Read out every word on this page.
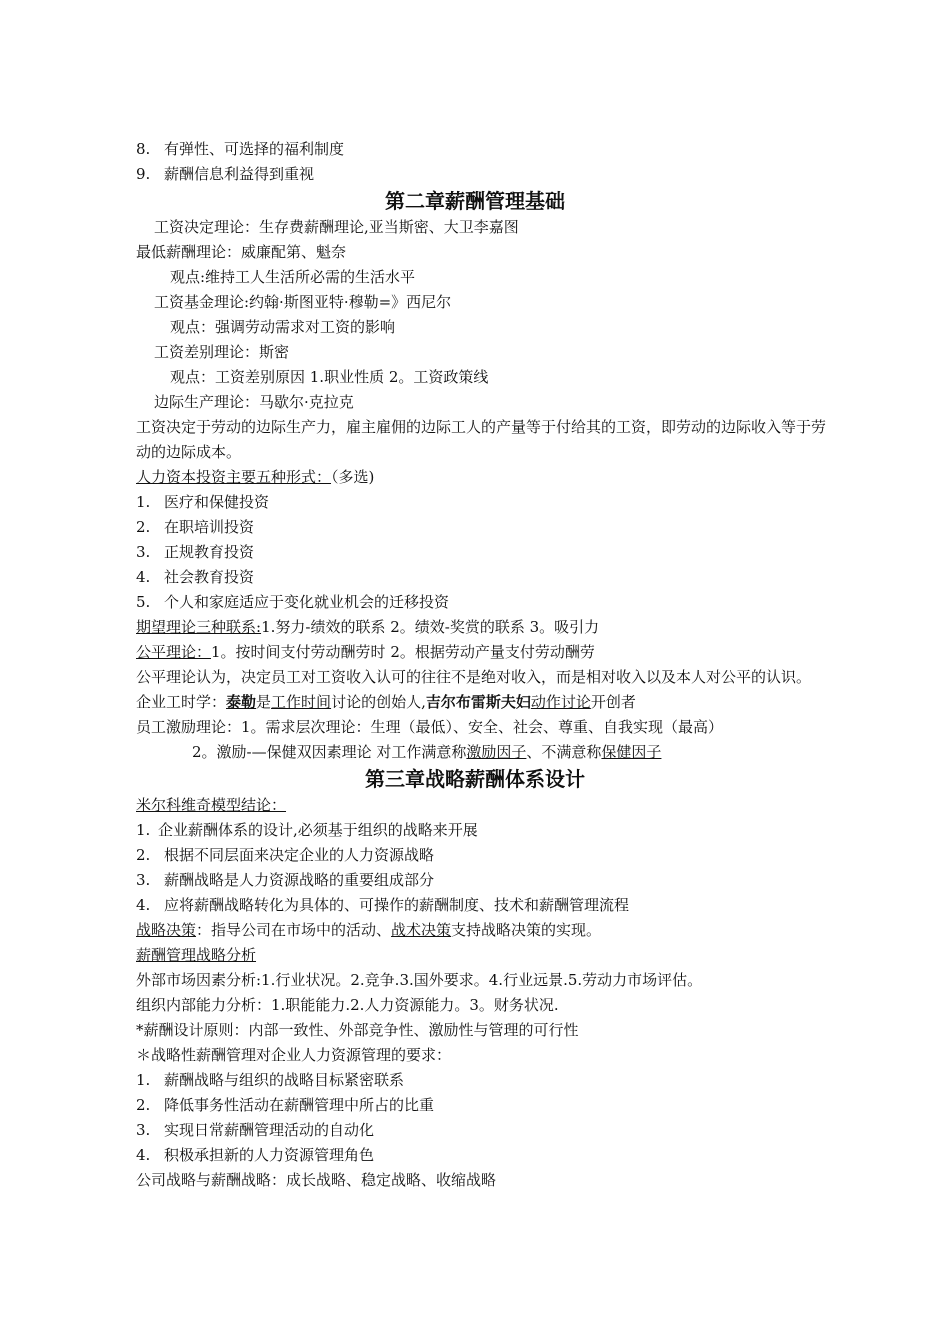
8. 有弹性、可选择的福利制度
9. 薪酬信息利益得到重视
第二章薪酬管理基础
工资决定理论：生存费薪酬理论,亚当斯密、大卫李嘉图
最低薪酬理论：威廉配第、魁奈
观点:维持工人生活所必需的生活水平
工资基金理论:约翰·斯图亚特·穆勒=》西尼尔
观点：强调劳动需求对工资的影响
工资差别理论：斯密
观点：工资差别原因 1.职业性质 2。工资政策线
边际生产理论：马歇尔·克拉克
工资决定于劳动的边际生产力，雇主雇佣的边际工人的产量等于付给其的工资，即劳动的边际收入等于劳动的边际成本。
人力资本投资主要五种形式：（多选)
1. 医疗和保健投资
2. 在职培训投资
3. 正规教育投资
4. 社会教育投资
5. 个人和家庭适应于变化就业机会的迁移投资
期望理论三种联系:1.努力-绩效的联系 2。绩效-奖赏的联系 3。吸引力
公平理论：1。按时间支付劳动酬劳时 2。根据劳动产量支付劳动酬劳
公平理论认为，决定员工对工资收入认可的往往不是绝对收入，而是相对收入以及本人对公平的认识。
企业工时学：泰勒是工作时间讨论的创始人,吉尔布雷斯夫妇动作讨论开创者
员工激励理论：1。需求层次理论：生理（最低）、安全、社会、尊重、自我实现（最高）
2。激励-—保健双因素理论 对工作满意称激励因子、不满意称保健因子
第三章战略薪酬体系设计
米尔科维奇模型结论：
1. 企业薪酬体系的设计,必须基于组织的战略来开展
2. 根据不同层面来决定企业的人力资源战略
3. 薪酬战略是人力资源战略的重要组成部分
4. 应将薪酬战略转化为具体的、可操作的薪酬制度、技术和薪酬管理流程
战略决策：指导公司在市场中的活动、战术决策支持战略决策的实现。
薪酬管理战略分析
外部市场因素分析:1.行业状况。2.竞争.3.国外要求。4.行业远景.5.劳动力市场评估。
组织内部能力分析：1.职能能力.2.人力资源能力。3。财务状况.
*薪酬设计原则：内部一致性、外部竞争性、激励性与管理的可行性
＊战略性薪酬管理对企业人力资源管理的要求：
1. 薪酬战略与组织的战略目标紧密联系
2. 降低事务性活动在薪酬管理中所占的比重
3. 实现日常薪酬管理活动的自动化
4. 积极承担新的人力资源管理角色
公司战略与薪酬战略：成长战略、稳定战略、收缩战略
